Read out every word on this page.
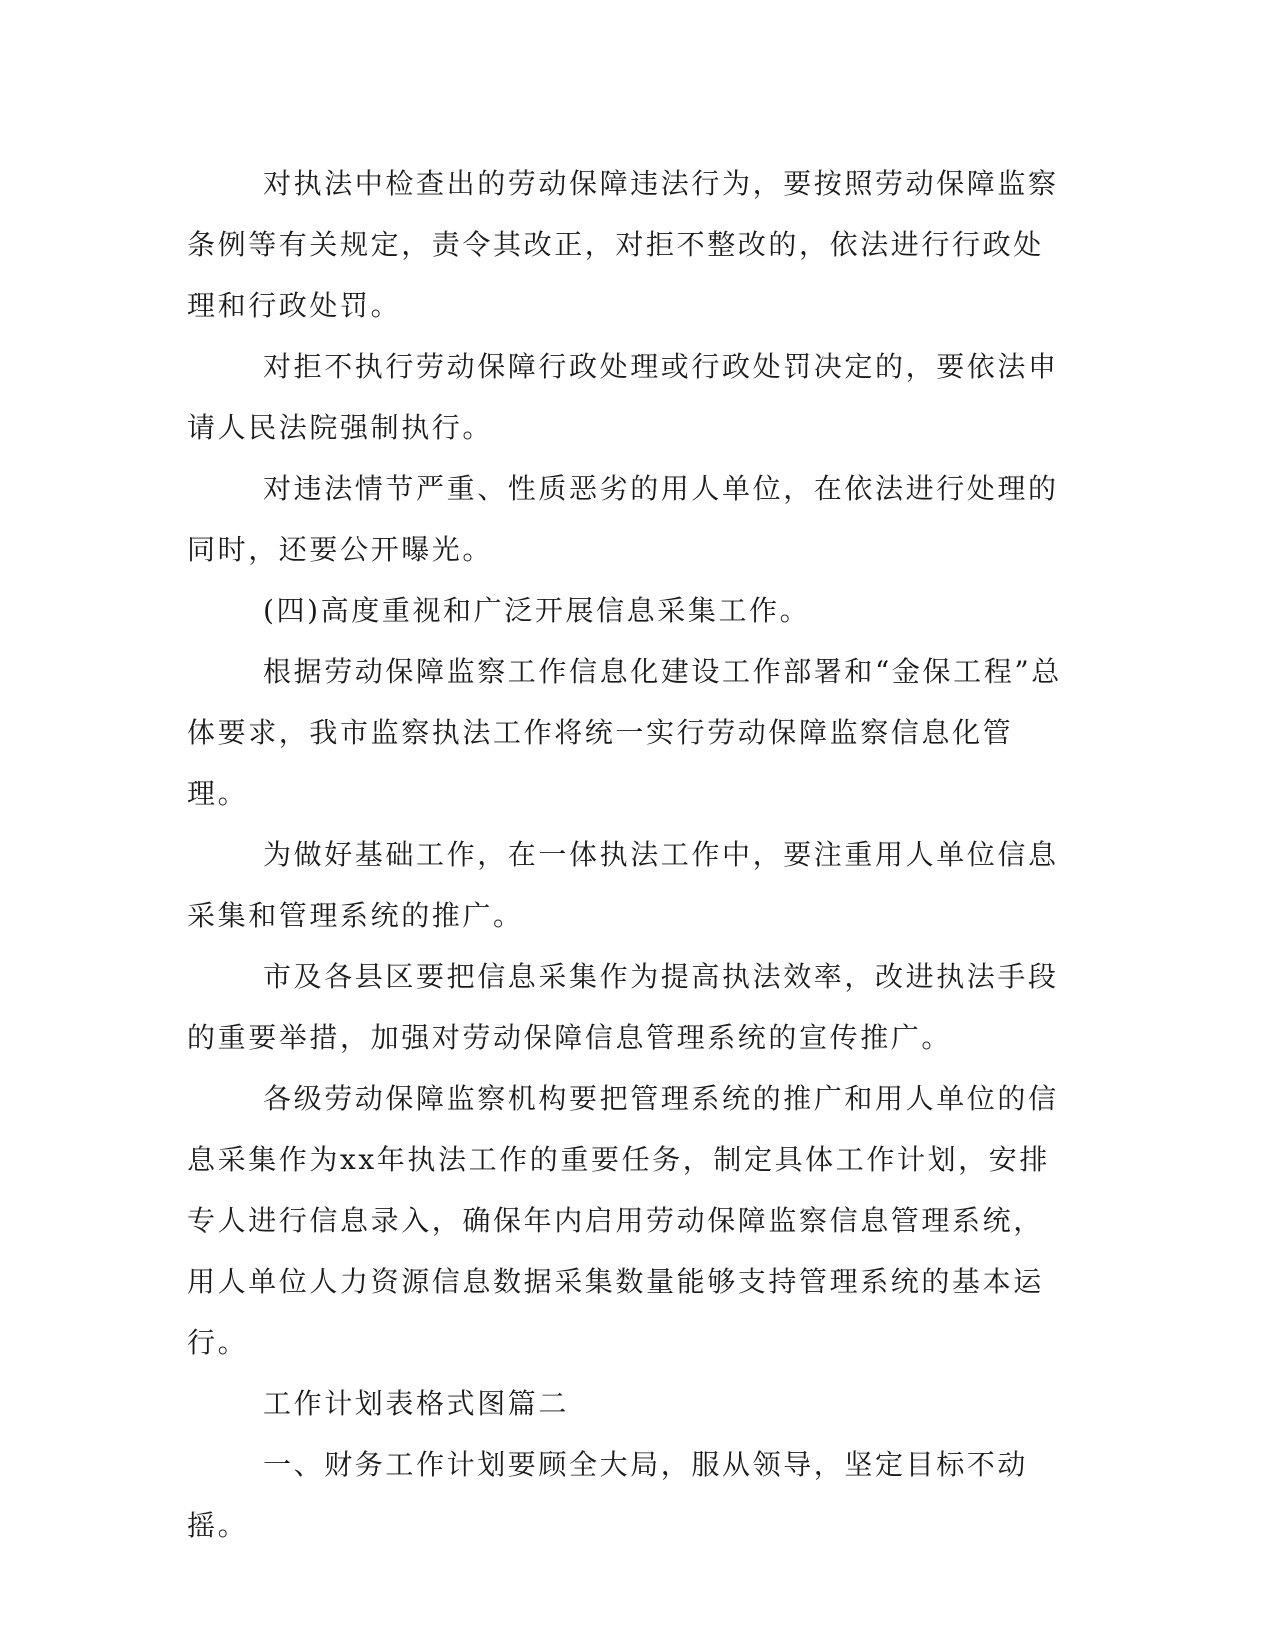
对执法中检查出的劳动保障违法行为，要按照劳动保障监察条例等有关规定，责令其改正，对拒不整改的，依法进行行政处理和行政处罚。

对拒不执行劳动保障行政处理或行政处罚决定的，要依法申请人民法院强制执行。

对违法情节严重、性质恶劣的用人单位，在依法进行处理的同时，还要公开曝光。

(四)高度重视和广泛开展信息采集工作。

根据劳动保障监察工作信息化建设工作部署和“金保工程”总体要求，我市监察执法工作将统一实行劳动保障监察信息化管理。

为做好基础工作，在一体执法工作中，要注重用人单位信息采集和管理系统的推广。

市及各县区要把信息采集作为提高执法效率，改进执法手段的重要举措，加强对劳动保障信息管理系统的宣传推广。

各级劳动保障监察机构要把管理系统的推广和用人单位的信息采集作为xx年执法工作的重要任务，制定具体工作计划，安排专人进行信息录入，确保年内启用劳动保障监察信息管理系统，用人单位人力资源信息数据采集数量能够支持管理系统的基本运行。

工作计划表格式图篇二

一、财务工作计划要顾全大局，服从领导，坚定目标不动摇。
